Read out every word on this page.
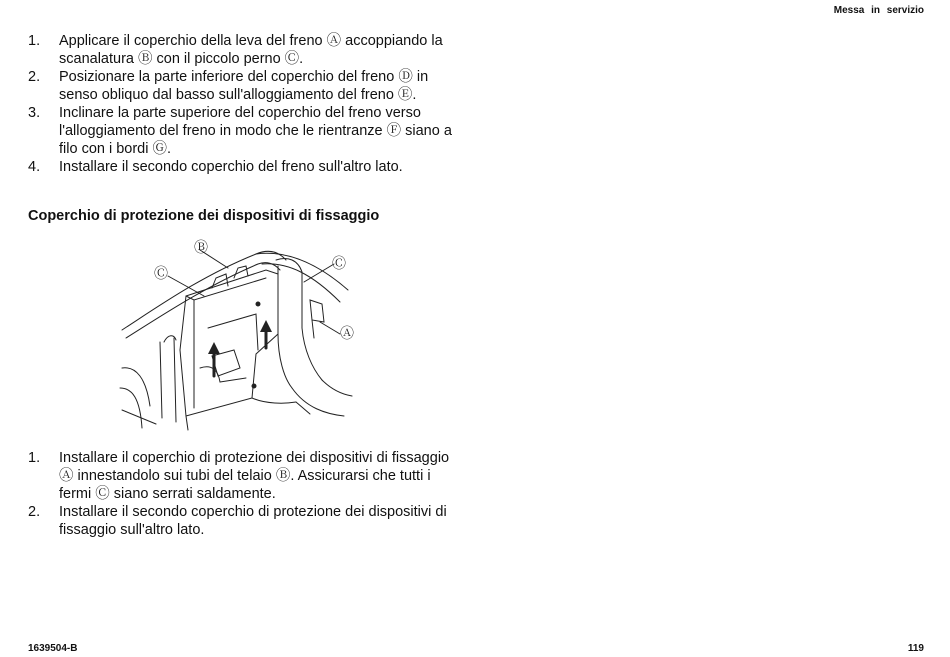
Messa in servizio
1. Applicare il coperchio della leva del freno Ⓐ accoppiando la scanalatura Ⓑ con il piccolo perno Ⓒ.
2. Posizionare la parte inferiore del coperchio del freno Ⓓ in senso obliquo dal basso sull'alloggiamento del freno Ⓔ.
3. Inclinare la parte superiore del coperchio del freno verso l'alloggiamento del freno in modo che le rientranze Ⓕ siano a filo con i bordi Ⓖ.
4. Installare il secondo coperchio del freno sull'altro lato.
Coperchio di protezione dei dispositivi di fissaggio
Ⓑ
Ⓒ
Ⓒ
Ⓐ
1. Installare il coperchio di protezione dei dispositivi di fissaggio Ⓐ innestandolo sui tubi del telaio Ⓑ. Assicurarsi che tutti i fermi Ⓒ siano serrati saldamente.
2. Installare il secondo coperchio di protezione dei dispositivi di fissaggio sull'altro lato.
1639504-B	119
